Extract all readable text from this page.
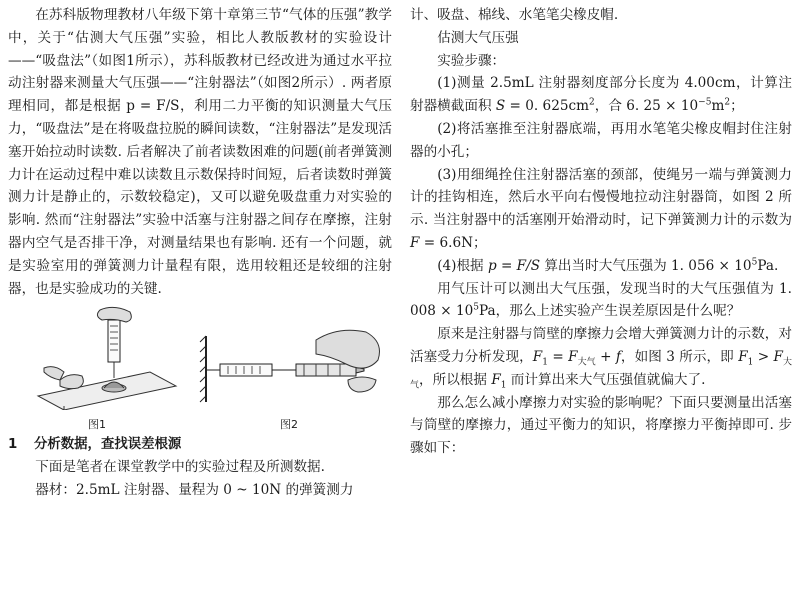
在苏科版物理教材八年级下第十章第三节“气体的压强”教学中，关于“估测大气压强”实验，相比人教版教材的实验设计——“吸盘法”（如图1所示），苏科版教材已经改进为通过水平拉动注射器来测量大气压强——“注射器法”（如图2所示）. 两者原理相同，都是根据 p = F/S，利用二力平衡的知识测量大气压力，“吸盘法”是在将吸盘拉脱的瞬间读数，“注射器法”是发现活塞开始拉动时读数. 后者解决了前者读数困难的问题(前者弹簧测力计在运动过程中难以读数且示数保持时间短，后者读数时弹簧测力计是静止的，示数较稳定)，又可以避免吸盘重力对实验的影响. 然而“注射器法”实验中活塞与注射器之间存在摩擦，注射器内空气是否排干净，对测量结果也有影响. 还有一个问题，就是实验室用的弹簧测力计量程有限，选用较粗还是较细的注射器，也是实验成功的关键.

图1	图2

1 分析数据，查找误差根源

下面是笔者在课堂教学中的实验过程及所测数据.

器材：2.5mL 注射器、量程为 0 ~ 10N 的弹簧测力

计、吸盘、棉线、水笔笔尖橡皮帽.

估测大气压强

实验步骤：

(1)测量 2.5mL 注射器刻度部分长度为 4.00cm，计算注射器横截面积 S = 0. $625cm^2$，合 6. $25 \times 10^{-5}m^2$；

(2)将活塞推至注射器底端，再用水笔笔尖橡皮帽封住注射器的小孔；

(3)用细绳拴住注射器活塞的颈部，使绳另一端与弹簧测力计的挂钩相连，然后水平向右慢慢地拉动注射器筒，如图 2 所示. 当注射器中的活塞刚开始滑动时，记下弹簧测力计的示数为 F = 6.6N；

(4)根据 p = F/S 算出当时大气压强为 1. $056 \times 10^5Pa$.

用气压计可以测出大气压强，发现当时的大气压强值为 1. $008 \times 10^5Pa$，那么上述实验产生误差原因是什么呢？

原来是注射器与筒壁的摩擦力会增大弹簧测力计的示数，对活塞受力分析发现，$F_1 = F_{大气} + f$，如图 3 所示，即 $F_1 > F_{大气}$，所以根据 $F_1$ 而计算出来大气压强值就偏大了.

那么怎么减小摩擦力对实验的影响呢？下面只要测量出活塞与筒壁的摩擦力，通过平衡力的知识，将摩擦力平衡掉即可. 步骤如下：
